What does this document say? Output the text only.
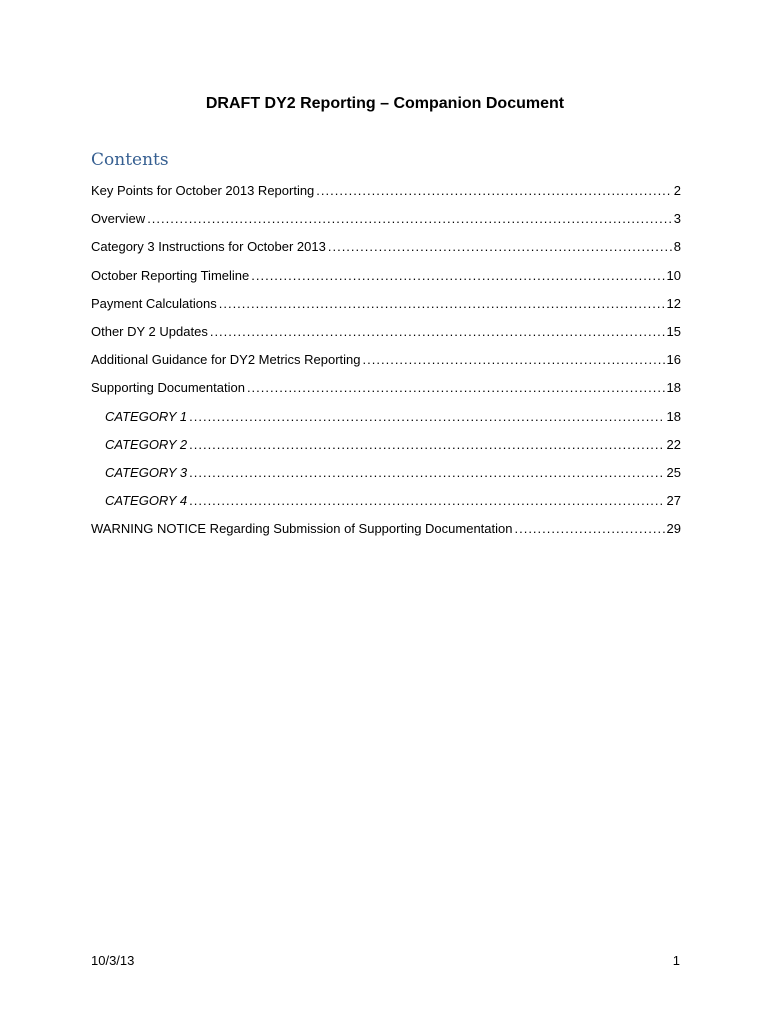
DRAFT DY2 Reporting – Companion Document
Contents
Key Points for October 2013 Reporting .....	2
Overview .....	3
Category 3 Instructions for October 2013 .....	8
October Reporting Timeline .....	10
Payment Calculations .....	12
Other DY 2 Updates .....	15
Additional Guidance for DY2 Metrics Reporting .....	16
Supporting Documentation .....	18
CATEGORY 1 .....	18
CATEGORY 2 .....	22
CATEGORY 3 .....	25
CATEGORY 4 .....	27
WARNING NOTICE Regarding Submission of Supporting Documentation .....	29
10/3/13	1
